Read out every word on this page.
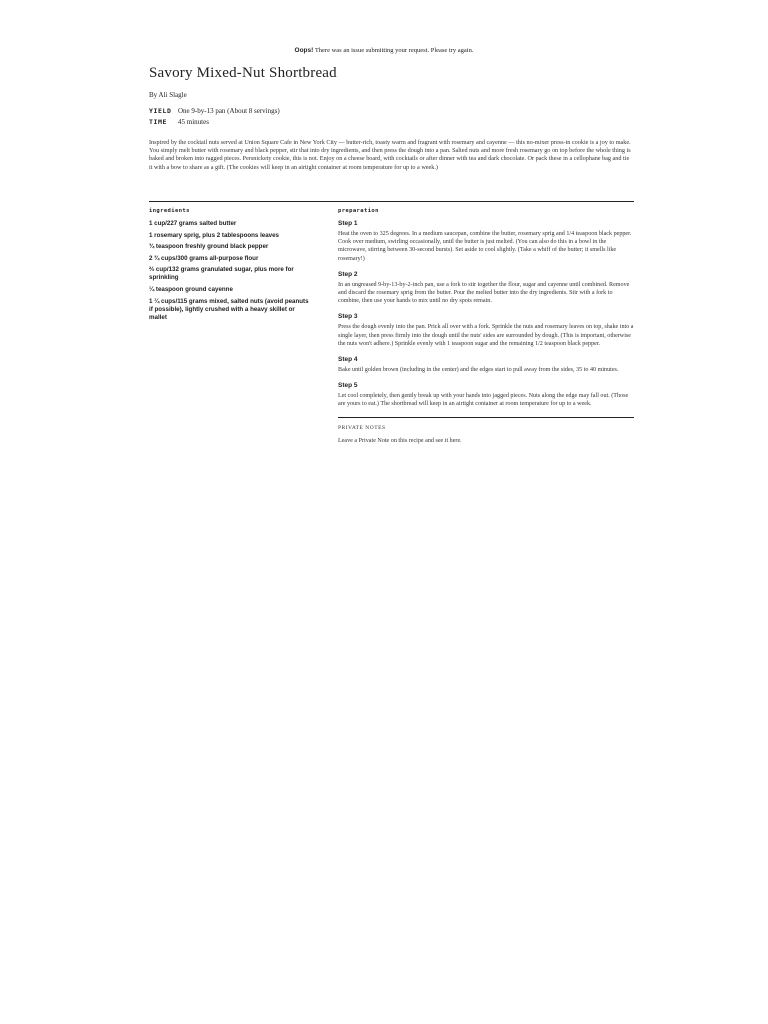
Oops! There was an issue submitting your request. Please try again.
Savory Mixed-Nut Shortbread
By Ali Slagle
YIELD One 9-by-13 pan (About 8 servings)
TIME	45 minutes

Inspired by the cocktail nuts served at Union Square Cafe in New York City — butter-rich, toasty warm and fragrant with rosemary and cayenne — this no-mixer press-in cookie is a joy to make. You simply melt butter with rosemary and black pepper, stir that into dry ingredients, and then press the dough into a pan. Salted nuts and more fresh rosemary go on top before the whole thing is baked and broken into ragged pieces. Persnickety cookie, this is not. Enjoy on a cheese board, with cocktails or after dinner with tea and dark chocolate. Or pack these in a cellophane bag and tie it with a bow to share as a gift. (The cookies will keep in an airtight container at room temperature for up to a week.)

ingredients
1 cup/227 grams salted butter
1 rosemary sprig, plus 2 tablespoons leaves
¾ teaspoon freshly ground black pepper
2 ¾ cups/300 grams all-purpose flour
⅔ cup/132 grams granulated sugar, plus more for sprinkling
¼ teaspoon ground cayenne
1 ¼ cups/115 grams mixed, salted nuts (avoid peanuts if possible), lightly crushed with a heavy skillet or mallet
preparation

Step 1

Heat the oven to 325 degrees. In a medium saucepan, combine the butter, rosemary sprig and 1/4 teaspoon black pepper. Cook over medium, swirling occasionally, until the butter is just melted. (You can also do this in a bowl in the microwave, stirring between 30-second bursts). Set aside to cool slightly. (Take a whiff of the butter; it smells like rosemary!)

Step 2

In an ungreased 9-by-13-by-2-inch pan, use a fork to stir together the flour, sugar and cayenne until combined. Remove and discard the rosemary sprig from the butter. Pour the melted butter into the dry ingredients. Stir with a fork to combine, then use your hands to mix until no dry spots remain.

Step 3

Press the dough evenly into the pan. Prick all over with a fork. Sprinkle the nuts and rosemary leaves on top, shake into a single layer, then press firmly into the dough until the nuts' sides are surrounded by dough. (This is important, otherwise the nuts won't adhere.) Sprinkle evenly with 1 teaspoon sugar and the remaining 1/2 teaspoon black pepper.

Step 4

Bake until golden brown (including in the center) and the edges start to pull away from the sides, 35 to 40 minutes.

Step 5

Let cool completely, then gently break up with your hands into jagged pieces. Nuts along the edge may fall out. (Those are yours to eat.) The shortbread will keep in an airtight container at room temperature for up to a week.

PRIVATE NOTES
Leave a Private Note on this recipe and see it here.
